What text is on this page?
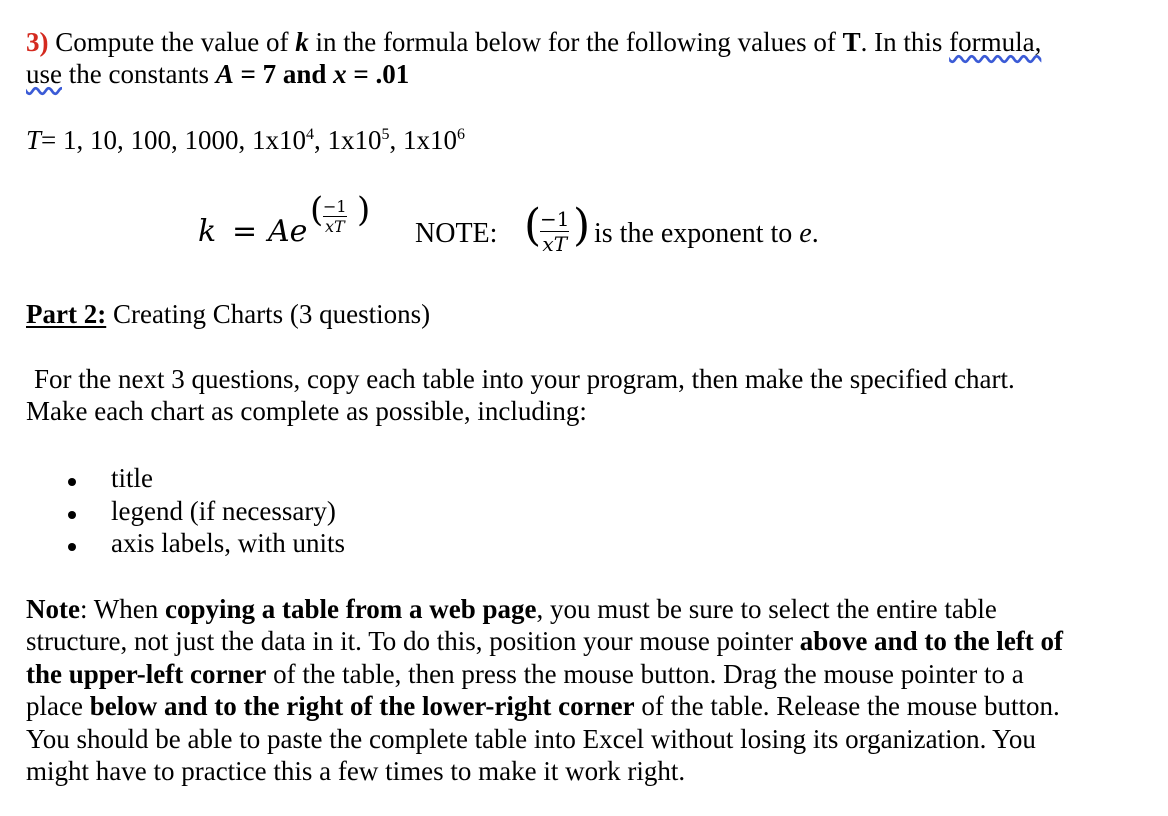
3) Compute the value of k in the formula below for the following values of T. In this formula,
use the constants A = 7 and x = .01
T= 1, 10, 100, 1000, $1x10^4$, $1x10^5$, $1x10^6$
k = Ae
( −1
xT )
NOTE: (
−1
xT ) is the exponent to e.
Part 2: Creating Charts (3 questions)
For the next 3 questions, copy each table into your program, then make the specified chart.
Make each chart as complete as possible, including:
title
legend (if necessary)
axis labels, with units
Note: When copying a table from a web page, you must be sure to select the entire table
structure, not just the data in it. To do this, position your mouse pointer above and to the left of
the upper-left corner of the table, then press the mouse button. Drag the mouse pointer to a
place below and to the right of the lower-right corner of the table. Release the mouse button.
You should be able to paste the complete table into Excel without losing its organization. You
might have to practice this a few times to make it work right.
